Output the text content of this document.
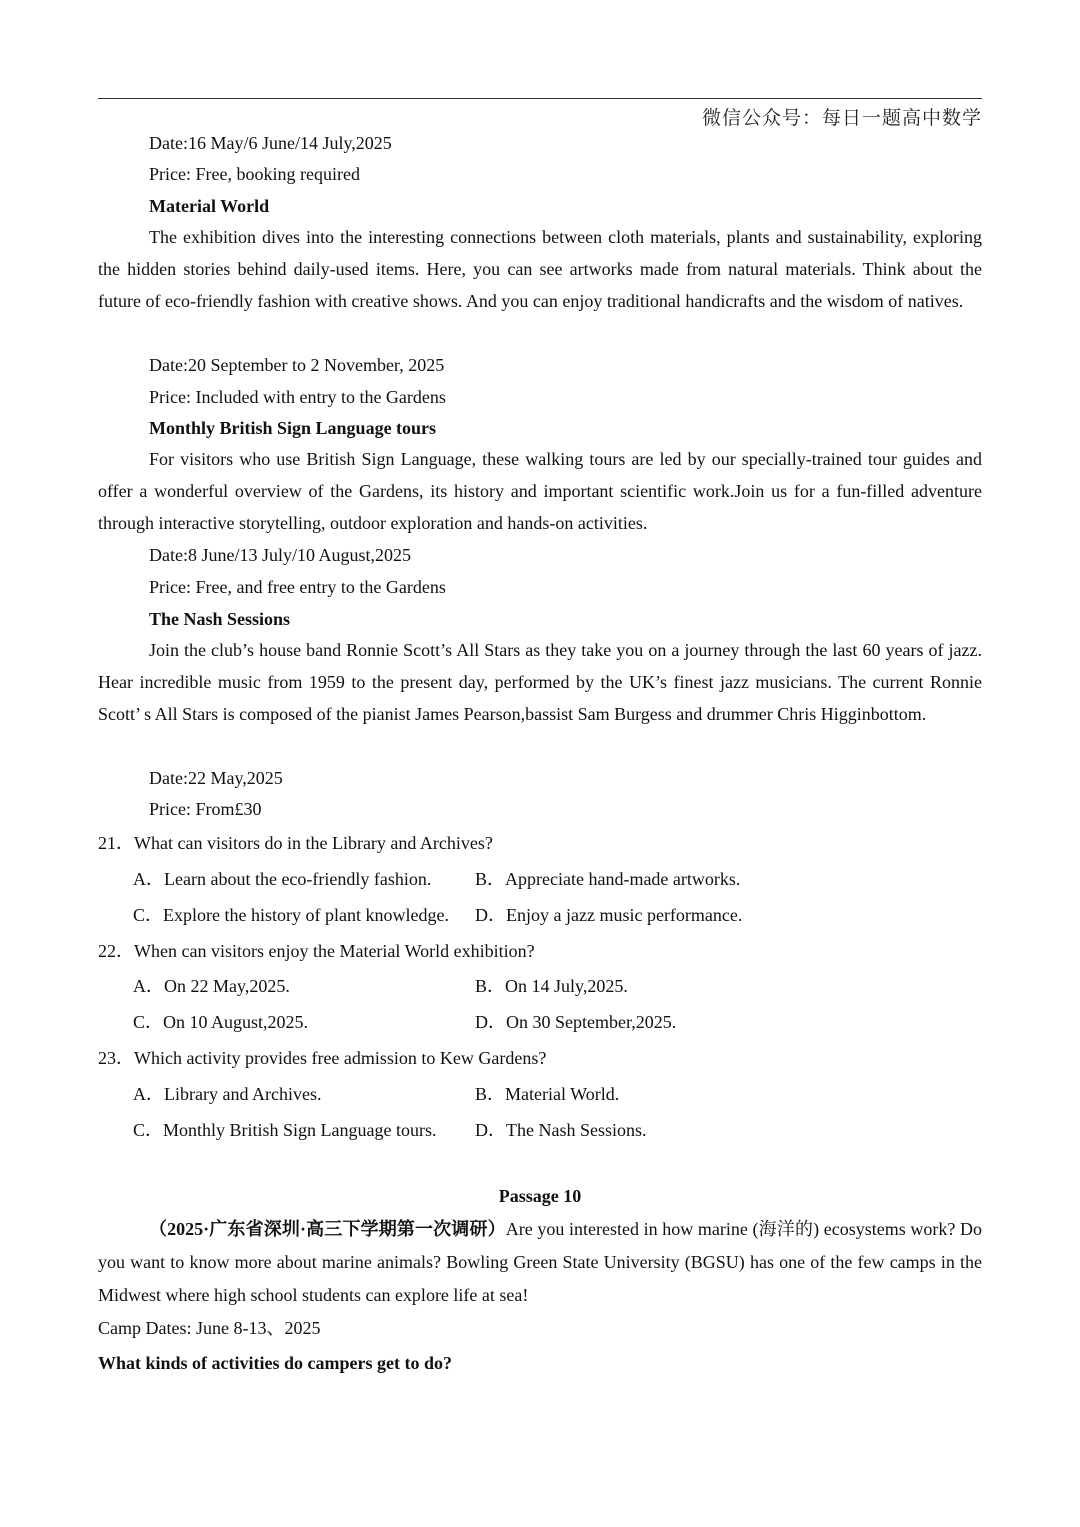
微信公众号：每日一题高中数学
Date:16 May/6 June/14 July,2025
Price: Free, booking required
Material World
The exhibition dives into the interesting connections between cloth materials, plants and sustainability, exploring the hidden stories behind daily-used items. Here, you can see artworks made from natural materials. Think about the future of eco-friendly fashion with creative shows. And you can enjoy traditional handicrafts and the wisdom of natives.
Date:20 September to 2 November, 2025
Price: Included with entry to the Gardens
Monthly British Sign Language tours
For visitors who use British Sign Language, these walking tours are led by our specially-trained tour guides and offer a wonderful overview of the Gardens, its history and important scientific work.Join us for a fun-filled adventure through interactive storytelling, outdoor exploration and hands-on activities.
Date:8 June/13 July/10 August,2025
Price: Free, and free entry to the Gardens
The Nash Sessions
Join the club’s house band Ronnie Scott’s All Stars as they take you on a journey through the last 60 years of jazz. Hear incredible music from 1959 to the present day, performed by the UK’s finest jazz musicians. The current Ronnie Scott’ s All Stars is composed of the pianist James Pearson,bassist Sam Burgess and drummer Chris Higginbottom.
Date:22 May,2025
Price: From£30
21．What can visitors do in the Library and Archives?
A．Learn about the eco-friendly fashion. B．Appreciate hand-made artworks.
C．Explore the history of plant knowledge. D．Enjoy a jazz music performance.
22．When can visitors enjoy the Material World exhibition?
A．On 22 May,2025.	B．On 14 July,2025.
C．On 10 August,2025.	D．On 30 September,2025.
23．Which activity provides free admission to Kew Gardens?
A．Library and Archives.	B．Material World.
C．Monthly British Sign Language tours. D．The Nash Sessions.
Passage 10
（2025·广东省深圳·高三下学期第一次调研）Are you interested in how marine (海洋的) ecosystems work? Do you want to know more about marine animals? Bowling Green State University (BGSU) has one of the few camps in the Midwest where high school students can explore life at sea!
Camp Dates: June 8-13、2025
What kinds of activities do campers get to do?
